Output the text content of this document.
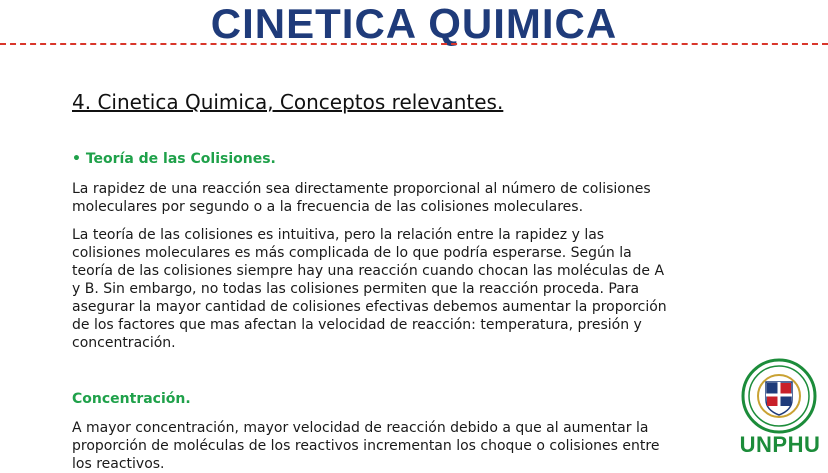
CINETICA QUIMICA
4. Cinetica Quimica, Conceptos relevantes.
• Teoría de las Colisiones.
La rapidez de una reacción sea directamente proporcional al número de colisiones moleculares por segundo o a la frecuencia de las colisiones moleculares.
La teoría de las colisiones es intuitiva, pero la relación entre la rapidez y las colisiones moleculares es más complicada de lo que podría esperarse. Según la teoría de las colisiones siempre hay una reacción cuando chocan las moléculas de A y B. Sin embargo, no todas las colisiones permiten que la reacción proceda. Para asegurar la mayor cantidad de colisiones efectivas debemos aumentar la proporción de los factores que mas afectan la velocidad de reacción: temperatura, presión y concentración.
Concentración.
A mayor concentración, mayor velocidad de reacción debido a que al aumentar la proporción de moléculas de los reactivos incrementan los choque o colisiones entre los reactivos.
UNPHU
